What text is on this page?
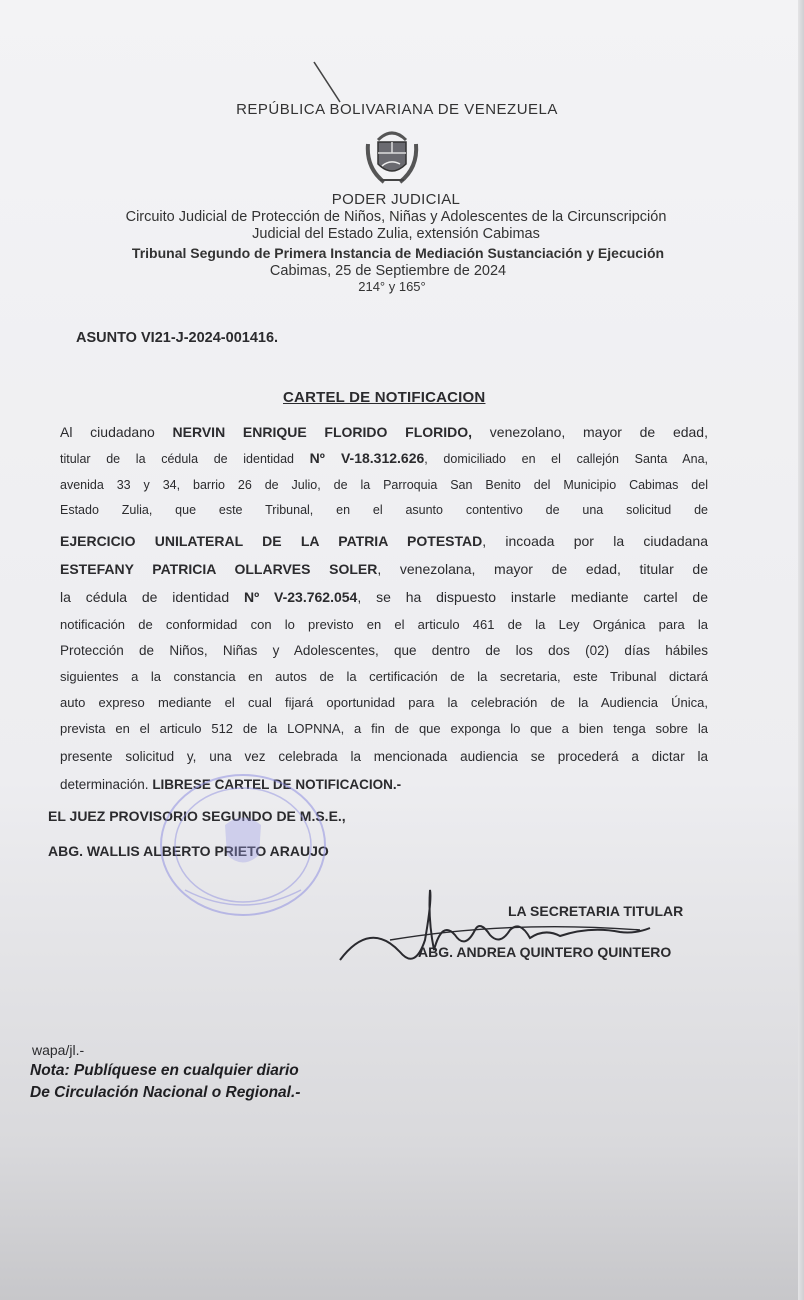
REPÚBLICA BOLIVARIANA DE VENEZUELA
PODER JUDICIAL
Circuito Judicial de Protección de Niños, Niñas y Adolescentes de la Circunscripción
Judicial del Estado Zulia, extensión Cabimas
Tribunal Segundo de Primera Instancia de Mediación Sustanciación y Ejecución
Cabimas, 25 de Septiembre de 2024
214° y 165°
ASUNTO VI21-J-2024-001416.
CARTEL DE NOTIFICACION
Al ciudadano NERVIN ENRIQUE FLORIDO FLORIDO, venezolano, mayor de edad,
titular de la cédula de identidad Nº V-18.312.626, domiciliado en el callejón Santa Ana,
avenida 33 y 34, barrio 26 de Julio, de la Parroquia San Benito del Municipio Cabimas del
Estado Zulia, que este Tribunal, en el asunto contentivo de una solicitud de
EJERCICIO UNILATERAL DE LA PATRIA POTESTAD, incoada por la ciudadana
ESTEFANY PATRICIA OLLARVES SOLER, venezolana, mayor de edad, titular de
la cédula de identidad Nº V-23.762.054, se ha dispuesto instarle mediante cartel de
notificación de conformidad con lo previsto en el articulo 461 de la Ley Orgánica para la
Protección de Niños, Niñas y Adolescentes, que dentro de los dos (02) días hábiles
siguientes a la constancia en autos de la certificación de la secretaria, este Tribunal dictará
auto expreso mediante el cual fijará oportunidad para la celebración de la Audiencia Única,
prevista en el articulo 512 de la LOPNNA, a fin de que exponga lo que a bien tenga sobre la
presente solicitud y, una vez celebrada la mencionada audiencia se procederá a dictar la
determinación. LIBRESE CARTEL DE NOTIFICACION.-
EL JUEZ PROVISORIO SEGUNDO DE M.S.E.,
ABG. WALLIS ALBERTO PRIETO ARAUJO
LA SECRETARIA TITULAR
ABG. ANDREA QUINTERO QUINTERO
wapa/jl.-
Nota: Publíquese en cualquier diario
De Circulación Nacional o Regional.-
